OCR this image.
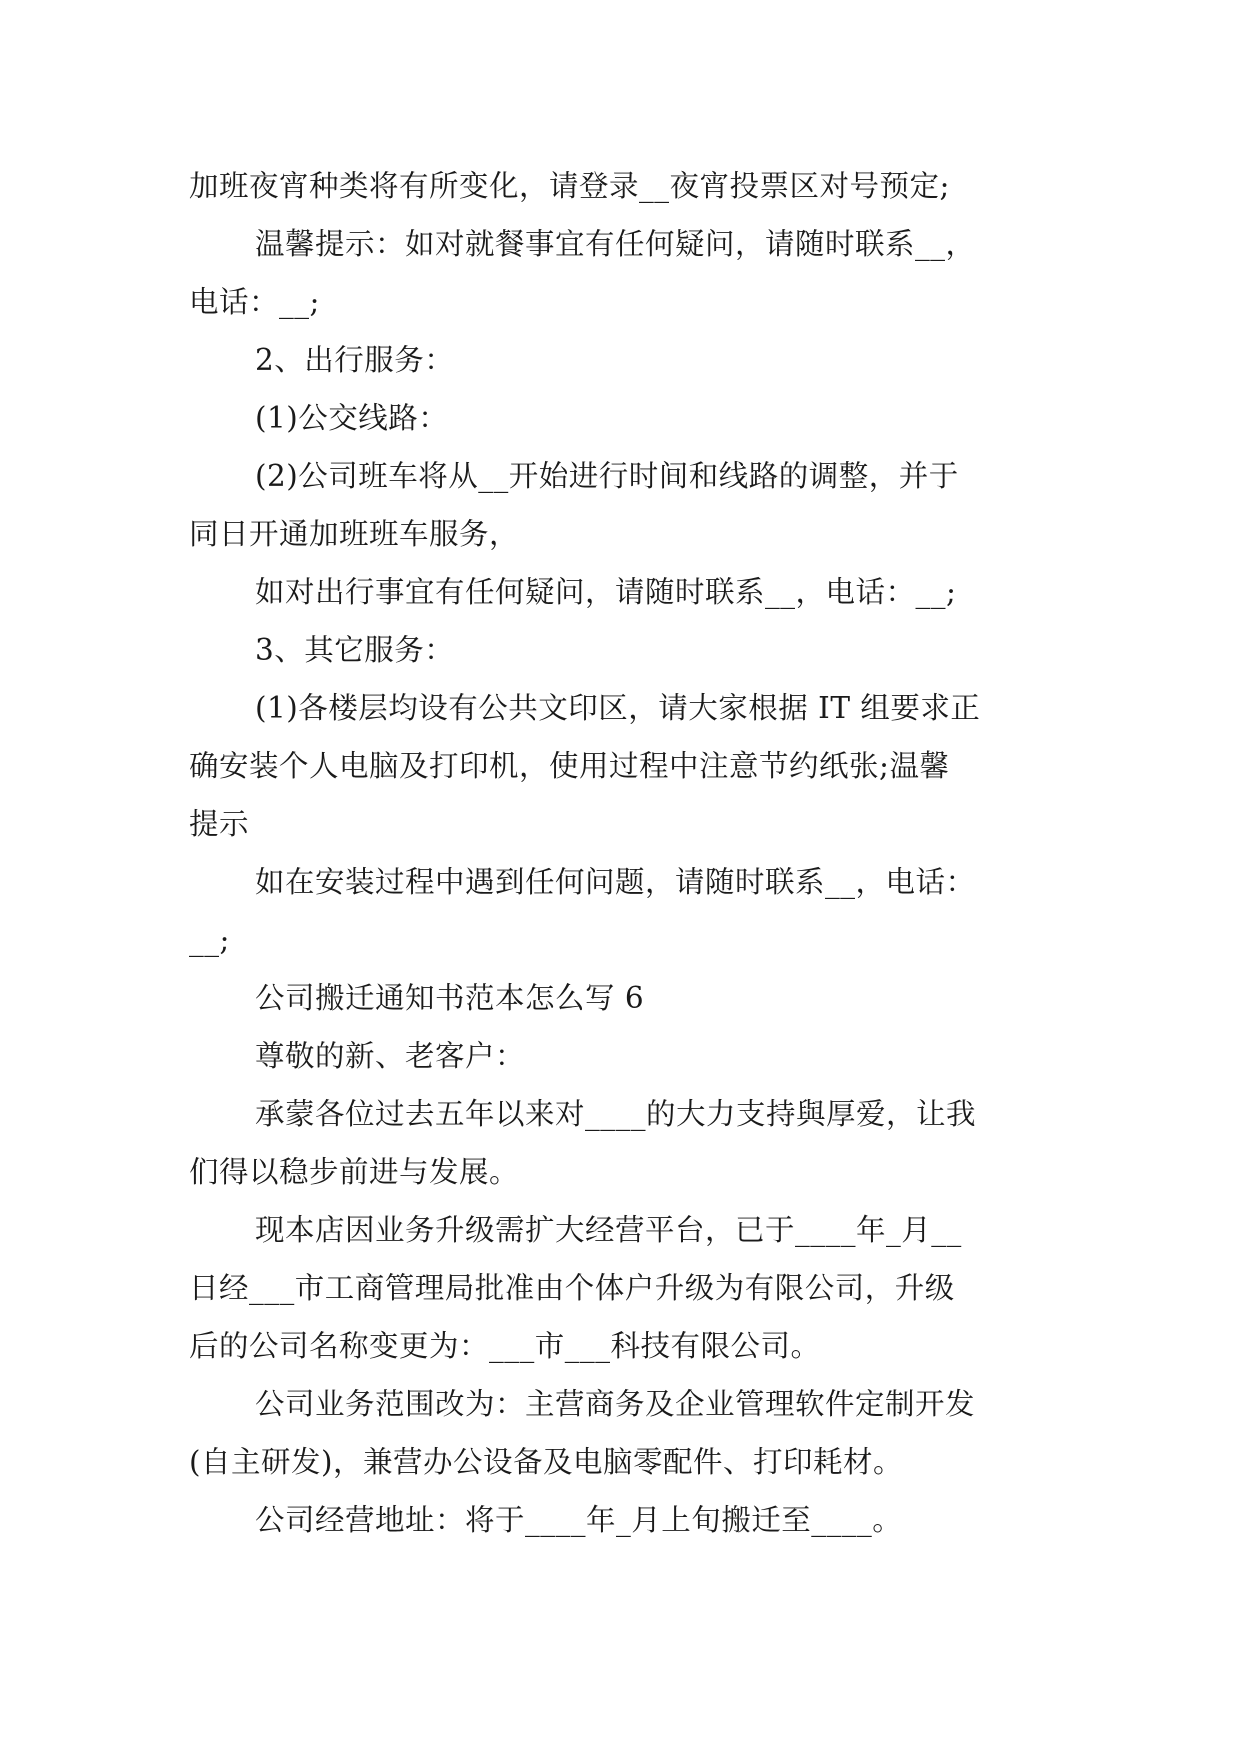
加班夜宵种类将有所变化，请登录__夜宵投票区对号预定;
温馨提示：如对就餐事宜有任何疑问，请随时联系__，
电话：__;
2、出行服务：
(1)公交线路：
(2)公司班车将从__开始进行时间和线路的调整，并于
同日开通加班班车服务，
如对出行事宜有任何疑问，请随时联系__，电话：__;
3、其它服务：
(1)各楼层均设有公共文印区，请大家根据 IT 组要求正
确安装个人电脑及打印机，使用过程中注意节约纸张;温馨
提示
如在安装过程中遇到任何问题，请随时联系__，电话：
__;
公司搬迁通知书范本怎么写 6
尊敬的新、老客户：
承蒙各位过去五年以来对____的大力支持與厚爱，让我
们得以稳步前进与发展。
现本店因业务升级需扩大经营平台，已于____年_月__
日经___市工商管理局批准由个体户升级为有限公司，升级
后的公司名称变更为：___市___科技有限公司。
公司业务范围改为：主营商务及企业管理软件定制开发
(自主研发)，兼营办公设备及电脑零配件、打印耗材。
公司经营地址：将于____年_月上旬搬迁至____。
